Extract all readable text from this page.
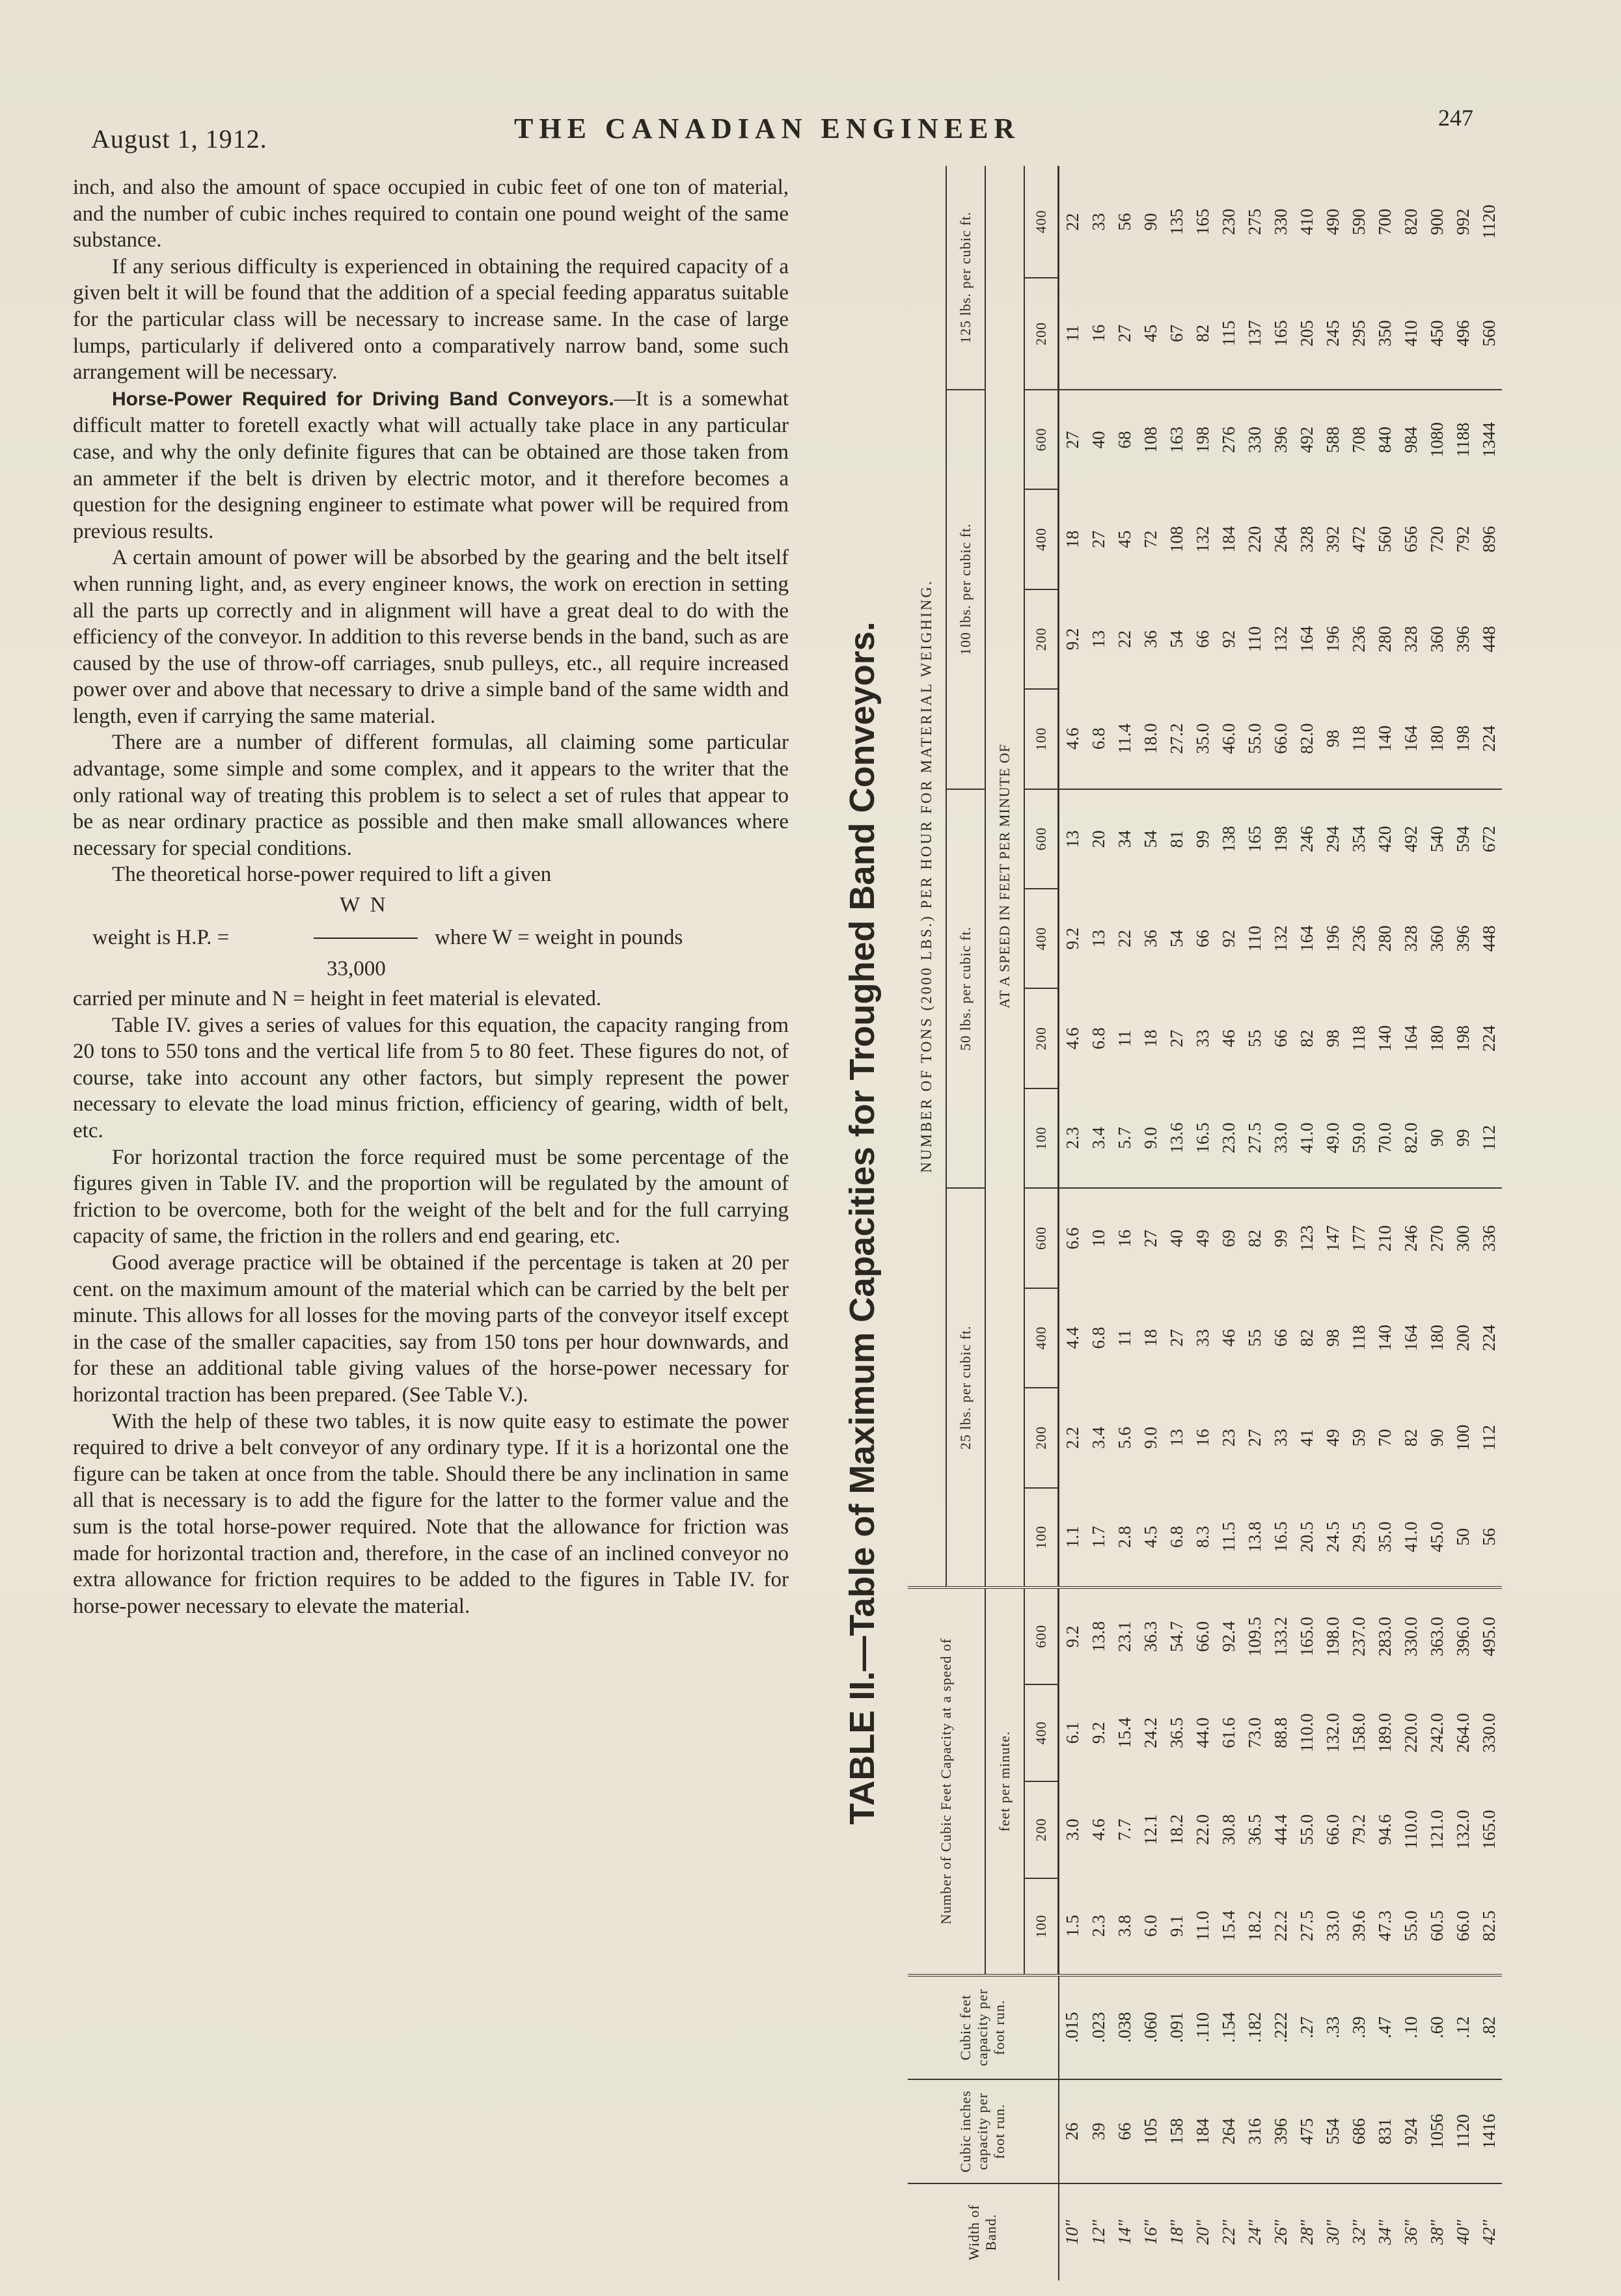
August 1, 1912.	THE CANADIAN ENGINEER	247

inch, and also the amount of space occupied in cubic feet of one ton of material, and the number of cubic inches required to contain one pound weight of the same substance.

If any serious difficulty is experienced in obtaining the required capacity of a given belt it will be found that the addition of a special feeding apparatus suitable for the particular class will be necessary to increase same. In the case of large lumps, particularly if delivered onto a comparatively narrow band, some such arrangement will be necessary.

Horse-Power Required for Driving Band Conveyors.—It is a somewhat difficult matter to foretell exactly what will actually take place in any particular case, and why the only definite figures that can be obtained are those taken from an ammeter if the belt is driven by electric motor, and it therefore becomes a question for the designing engineer to estimate what power will be required from previous results.

A certain amount of power will be absorbed by the gearing and the belt itself when running light, and, as every engineer knows, the work on erection in setting all the parts up correctly and in alignment will have a great deal to do with the efficiency of the conveyor. In addition to this reverse bends in the band, such as are caused by the use of throw-off carriages, snub pulleys, etc., all require increased power over and above that necessary to drive a simple band of the same width and length, even if carrying the same material.

There are a number of different formulas, all claiming some particular advantage, some simple and some complex, and it appears to the writer that the only rational way of treating this problem is to select a set of rules that appear to be as near ordinary practice as possible and then make small allowances where necessary for special conditions.

The theoretical horse-power required to lift a given

W N
weight is H.P. =	where W = weight in pounds
33,000

carried per minute and N = height in feet material is elevated.

Table IV. gives a series of values for this equation, the capacity ranging from 20 tons to 550 tons and the vertical life from 5 to 80 feet. These figures do not, of course, take into account any other factors, but simply represent the power necessary to elevate the load minus friction, efficiency of gearing, width of belt, etc.

For horizontal traction the force required must be some percentage of the figures given in Table IV. and the proportion will be regulated by the amount of friction to be overcome, both for the weight of the belt and for the full carrying capacity of same, the friction in the rollers and end gearing, etc.

Good average practice will be obtained if the percentage is taken at 20 per cent. on the maximum amount of the material which can be carried by the belt per minute. This allows for all losses for the moving parts of the conveyor itself except in the case of the smaller capacities, say from 150 tons per hour downwards, and for these an additional table giving values of the horse-power necessary for horizontal traction has been prepared. (See Table V.).

With the help of these two tables, it is now quite easy to estimate the power required to drive a belt conveyor of any ordinary type. If it is a horizontal one the figure can be taken at once from the table. Should there be any inclination in same all that is necessary is to add the figure for the latter to the former value and the sum is the total horse-power required. Note that the allowance for friction was made for horizontal traction and, therefore, in the case of an inclined conveyor no extra allowance for friction requires to be added to the figures in Table IV. for horse-power necessary to elevate the material.	TABLE II.—Table of Maximum Capacities for Troughed Band Conveyors.
Width of Band.	Cubic inches capacity per foot run.	Cubic feet capacity per foot run.	Number of Cubic Feet Capacity at a speed of				NUMBER OF TONS (2000 LBS.) PER HOUR FOR MATERIAL WEIGHING.													
							25 lbs. per cubic ft.				50 lbs. per cubic ft.				100 lbs. per cubic ft.				125 lbs. per cubic ft.	
			feet per minute.				AT A SPEED IN FEET PER MINUTE OF													
			100	200	400	600	100	200	400	600	100	200	400	600	100	200	400	600	200	400
10"	26	.015	1.5	3.0	6.1	9.2	1.1	2.2	4.4	6.6	2.3	4.6	9.2	13	4.6	9.2	18	27	11	22
12"	39	.023	2.3	4.6	9.2	13.8	1.7	3.4	6.8	10	3.4	6.8	13	20	6.8	13	27	40	16	33
14"	66	.038	3.8	7.7	15.4	23.1	2.8	5.6	11	16	5.7	11	22	34	11.4	22	45	68	27	56
16"	105	.060	6.0	12.1	24.2	36.3	4.5	9.0	18	27	9.0	18	36	54	18.0	36	72	108	45	90
18"	158	.091	9.1	18.2	36.5	54.7	6.8	13	27	40	13.6	27	54	81	27.2	54	108	163	67	135
20"	184	.110	11.0	22.0	44.0	66.0	8.3	16	33	49	16.5	33	66	99	35.0	66	132	198	82	165
22"	264	.154	15.4	30.8	61.6	92.4	11.5	23	46	69	23.0	46	92	138	46.0	92	184	276	115	230
24"	316	.182	18.2	36.5	73.0	109.5	13.8	27	55	82	27.5	55	110	165	55.0	110	220	330	137	275
26"	396	.222	22.2	44.4	88.8	133.2	16.5	33	66	99	33.0	66	132	198	66.0	132	264	396	165	330
28"	475	.27	27.5	55.0	110.0	165.0	20.5	41	82	123	41.0	82	164	246	82.0	164	328	492	205	410
30"	554	.33	33.0	66.0	132.0	198.0	24.5	49	98	147	49.0	98	196	294	98	196	392	588	245	490
32"	686	.39	39.6	79.2	158.0	237.0	29.5	59	118	177	59.0	118	236	354	118	236	472	708	295	590
34"	831	.47	47.3	94.6	189.0	283.0	35.0	70	140	210	70.0	140	280	420	140	280	560	840	350	700
36"	924	.10	55.0	110.0	220.0	330.0	41.0	82	164	246	82.0	164	328	492	164	328	656	984	410	820
38"	1056	.60	60.5	121.0	242.0	363.0	45.0	90	180	270	90	180	360	540	180	360	720	1080	450	900
40"	1120	.12	66.0	132.0	264.0	396.0	50	100	200	300	99	198	396	594	198	396	792	1188	496	992
42"	1416	.82	82.5	165.0	330.0	495.0	56	112	224	336	112	224	448	672	224	448	896	1344	560	1120
